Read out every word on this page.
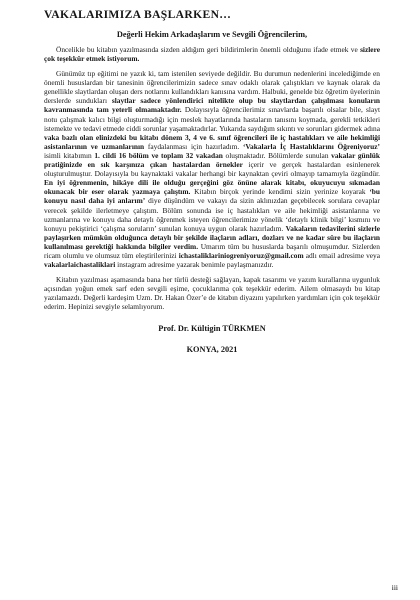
VAKALARIMIZA BAŞLARKEN…
Değerli Hekim Arkadaşlarım ve Sevgili Öğrencilerim,

Öncelikle bu kitabın yazılmasında sizden aldığım geri bildirimlerin önemli olduğunu ifade etmek ve sizlere çok teşekkür etmek istiyorum.

Günümüz tıp eğitimi ne yazık ki, tam istenilen seviyede değildir. Bu durumun nedenlerini incelediğimde en önemli hususlardan bir tanesinin öğrencilerimizin sadece sınav odaklı olarak çalıştıkları ve kaynak olarak da genellikle slaytlardan oluşan ders notlarını kullandıkları kanısına vardım. Halbuki, genelde biz öğretim üyelerinin derslerde sundukları slaytlar sadece yönlendirici nitelikte olup bu slaytlardan çalışılması konuların kavranmasında tam yeterli olmamaktadır. Dolayısıyla öğrencilerimiz sınavlarda başarılı olsalar bile, slayt notu çalışmak kalıcı bilgi oluşturmadığı için meslek hayatlarında hastaların tanısını koymada, gerekli tetkikleri istemekte ve tedavi etmede ciddi sorunlar yaşamaktadırlar. Yukarıda saydığım sıkıntı ve sorunları gidermek adına vaka bazlı olan elinizdeki bu kitabı dönem 3, 4 ve 6. sınıf öğrencileri ile iç hastalıkları ve aile hekimliği asistanlarının ve uzmanlarının faydalanması için hazırladım. ‘Vakalarla İç Hastalıklarını Öğreniyoruz’ isimli kitabımın 1. cildi 16 bölüm ve toplam 32 vakadan oluşmaktadır. Bölümlerde sunulan vakalar günlük pratiğinizde en sık karşınıza çıkan hastalardan örnekler içerir ve gerçek hastalardan esinlenerek oluşturulmuştur. Dolayısıyla bu kaynaktaki vakalar herhangi bir kaynaktan çeviri olmayıp tamamıyla özgündür. En iyi öğrenmenin, hikâye dili ile olduğu gerçeğini göz önüne alarak kitabı, okuyucuyu sıkmadan okunacak bir eser olarak yazmaya çalıştım. Kitabın birçok yerinde kendimi sizin yerinize koyarak ‘bu konuyu nasıl daha iyi anlarım’ diye düşündüm ve vakayı da sizin aklınızdan geçebilecek sorulara cevaplar verecek şekilde ilerletmeye çalıştım. Bölüm sonunda ise iç hastalıkları ve aile hekimliği asistanlarına ve uzmanlarına ve konuyu daha detaylı öğrenmek isteyen öğrencilerimize yönelik ‘detaylı klinik bilgi’ kısmını ve konuyu pekiştirici ‘çalışma soruların’ sunulan konuya uygun olarak hazırladım. Vakaların tedavilerini sizlerle paylaşırken mümkün olduğunca detaylı bir şekilde ilaçların adları, dozları ve ne kadar süre bu ilaçların kullanılması gerektiği hakkında bilgiler verdim. Umarım tüm bu hususlarda başarılı olmuşumdur. Sizlerden ricam olumlu ve olumsuz tüm eleştirilerinizi ichastaliklariniogreniyoruz@gmail.com adlı email adresime veya vakalarlaichastaliklari instagram adresime yazarak benimle paylaşmanızdır.

Kitabın yazılması aşamasında bana her türlü desteği sağlayan, kapak tasarımı ve yazım kurallarına uygunluk açısından yoğun emek sarf eden sevgili eşime, çocuklarıma çok teşekkür ederim. Ailem olmasaydı bu kitap yazılamazdı. Değerli kardeşim Uzm. Dr. Hakan Özer’e de kitabın diyazını yapılırken yardımları için çok teşekkür ederim. Hepinizi sevgiyle selamlıyorum.

Prof. Dr. Kültigin TÜRKMEN
KONYA, 2021
iii
